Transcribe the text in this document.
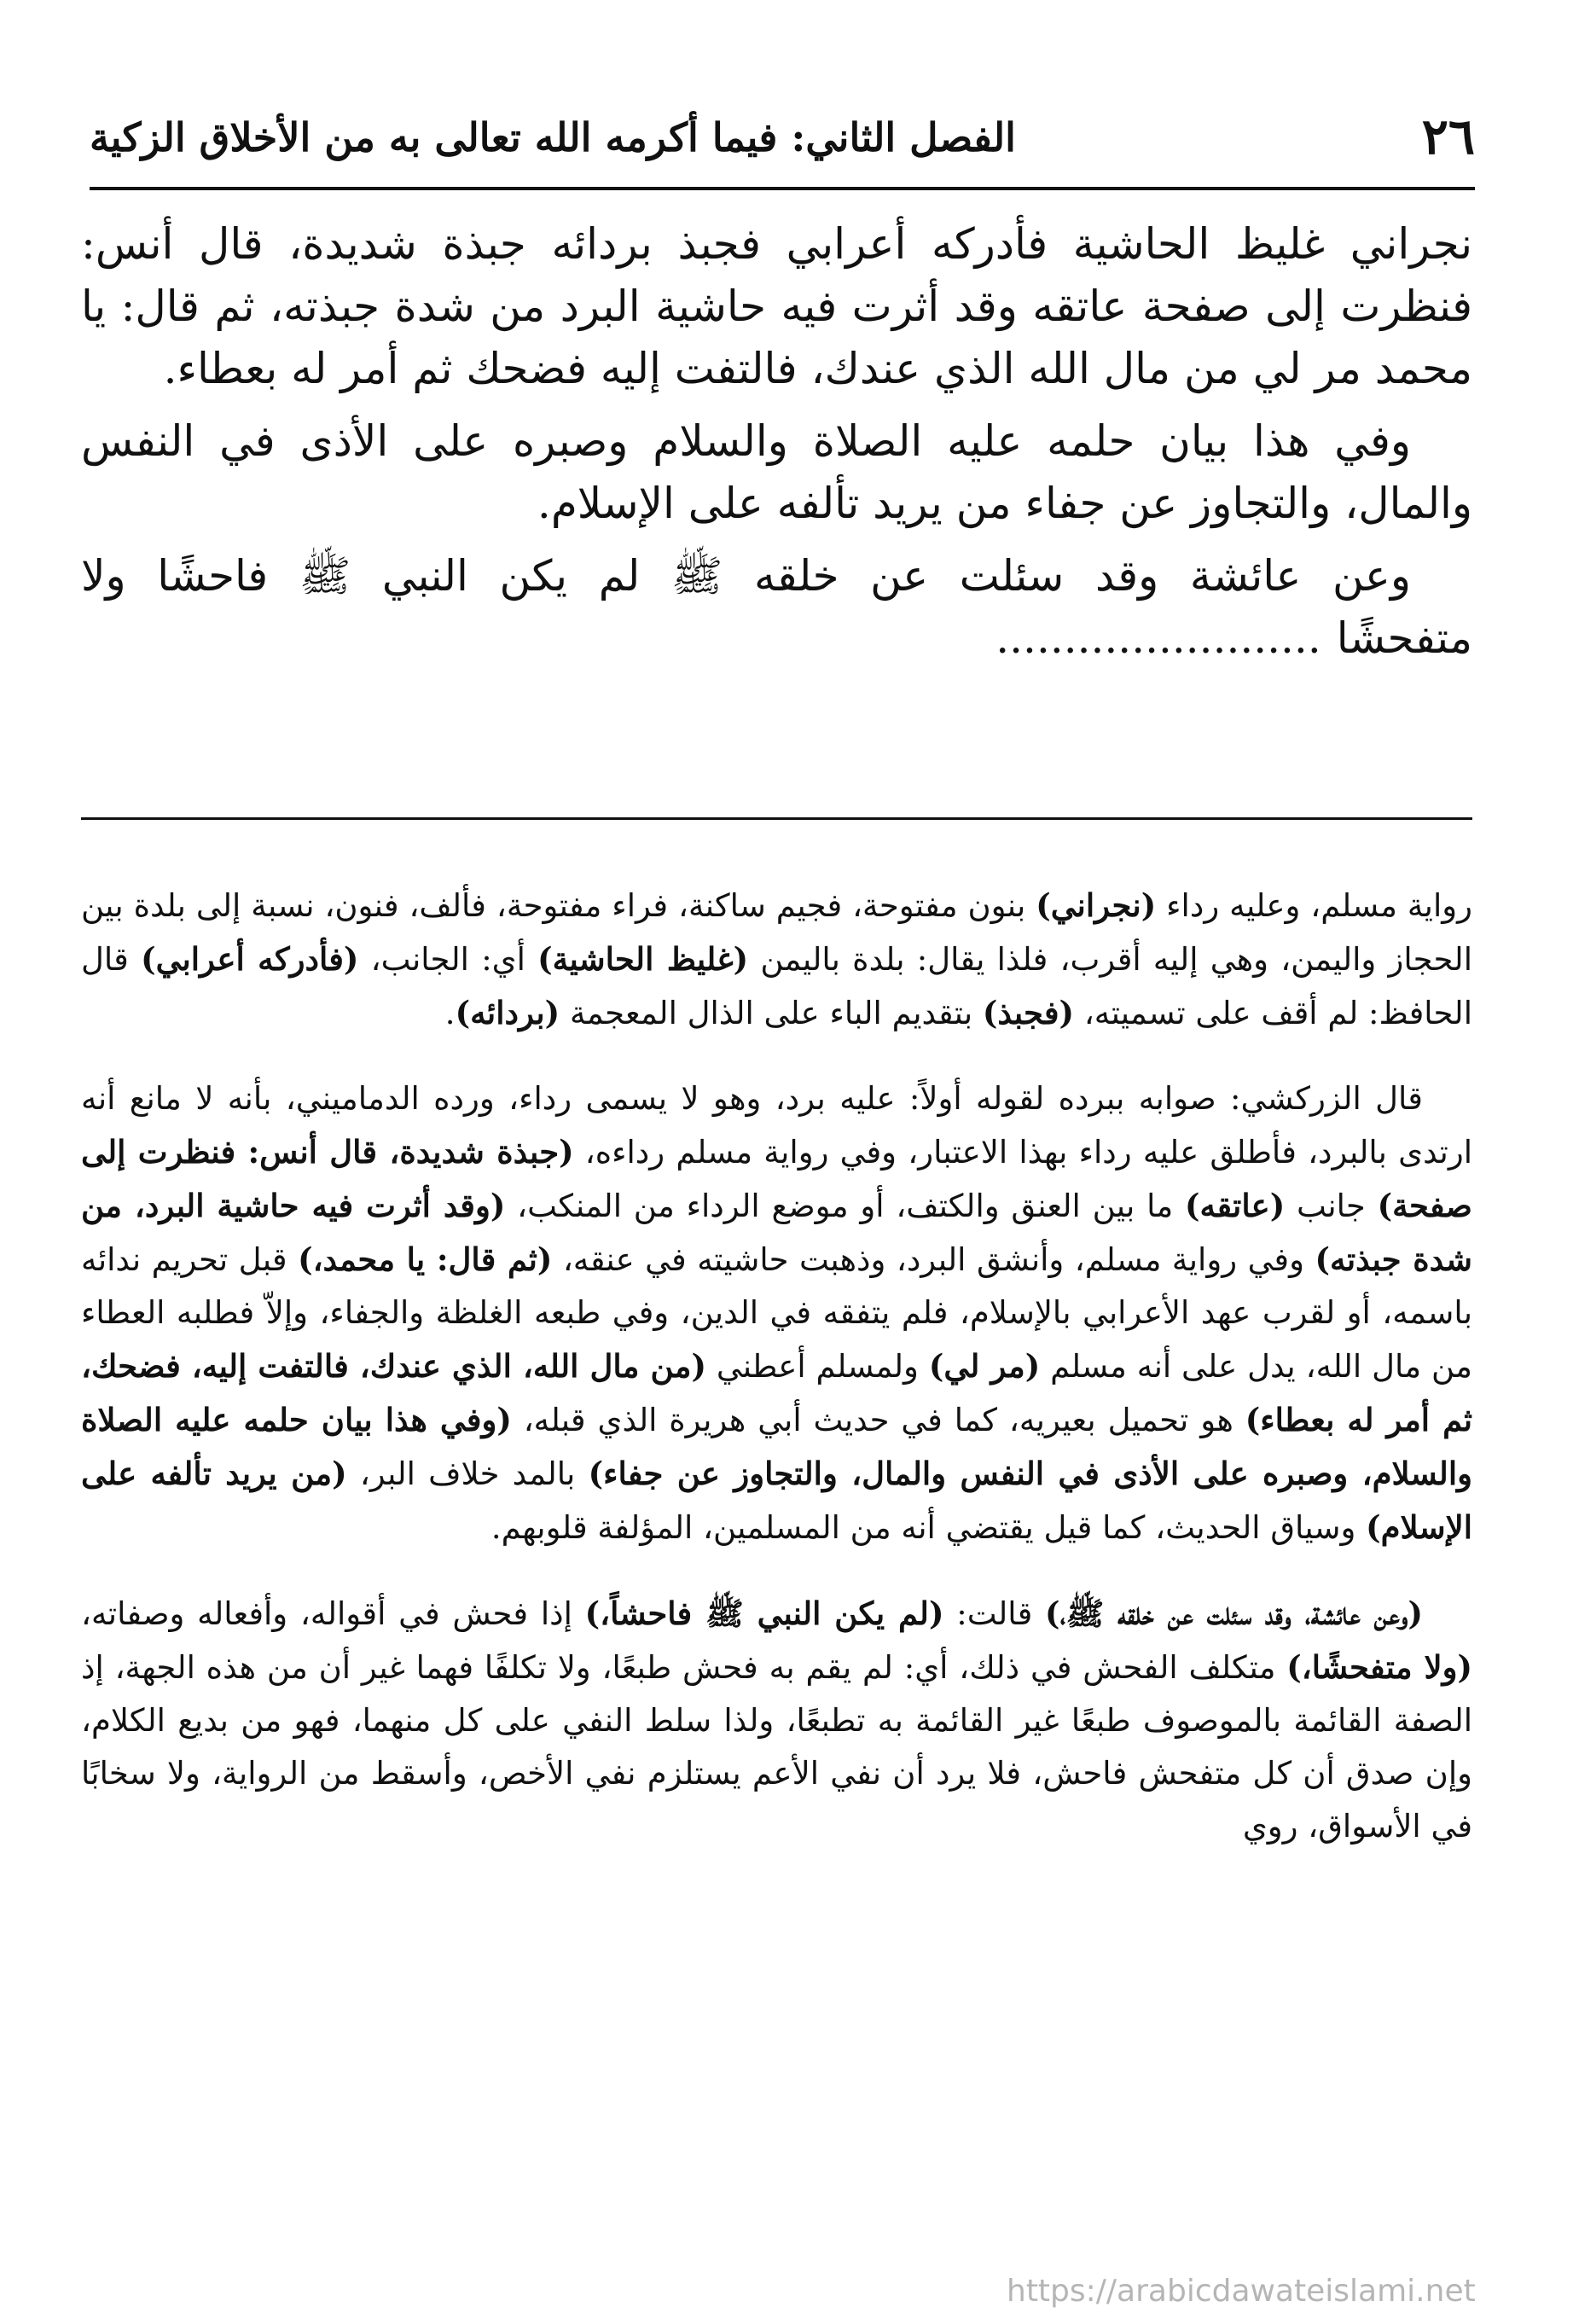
٢٦
الفصل الثاني: فيما أكرمه الله تعالى به من الأخلاق الزكية

نجراني غليظ الحاشية فأدركه أعرابي فجبذ بردائه جبذة شديدة، قال أنس: فنظرت إلى صفحة عاتقه وقد أثرت فيه حاشية البرد من شدة جبذته، ثم قال: يا محمد مر لي من مال الله الذي عندك، فالتفت إليه فضحك ثم أمر له بعطاء.

وفي هذا بيان حلمه عليه الصلاة والسلام وصبره على الأذى في النفس والمال، والتجاوز عن جفاء من يريد تألفه على الإسلام.

وعن عائشة وقد سئلت عن خلقه ﷺ لم يكن النبي ﷺ فاحشًا ولا متفحشًا........................

رواية مسلم، وعليه رداء (نجراني) بنون مفتوحة، فجيم ساكنة، فراء مفتوحة، فألف، فنون، نسبة إلى بلدة بين الحجاز واليمن، وهي إليه أقرب، فلذا يقال: بلدة باليمن (غليظ الحاشية) أي: الجانب، (فأدركه أعرابي) قال الحافظ: لم أقف على تسميته، (فجبذ) بتقديم الباء على الذال المعجمة (بردائه).

قال الزركشي: صوابه ببرده لقوله أولاً: عليه برد، وهو لا يسمى رداء، ورده الدماميني، بأنه لا مانع أنه ارتدى بالبرد، فأطلق عليه رداء بهذا الاعتبار، وفي رواية مسلم رداءه، (جبذة شديدة، قال أنس: فنظرت إلى صفحة) جانب (عاتقه) ما بين العنق والكتف، أو موضع الرداء من المنكب، (وقد أثرت فيه حاشية البرد، من شدة جبذته) وفي رواية مسلم، وأنشق البرد، وذهبت حاشيته في عنقه، (ثم قال: يا محمد،) قبل تحريم ندائه باسمه، أو لقرب عهد الأعرابي بالإسلام، فلم يتفقه في الدين، وفي طبعه الغلظة والجفاء، وإلاّ فطلبه العطاء من مال الله، يدل على أنه مسلم (مر لي) ولمسلم أعطني (من مال الله، الذي عندك، فالتفت إليه، فضحك، ثم أمر له بعطاء) هو تحميل بعيريه، كما في حديث أبي هريرة الذي قبله، (وفي هذا بيان حلمه عليه الصلاة والسلام، وصبره على الأذى في النفس والمال، والتجاوز عن جفاء) بالمد خلاف البر، (من يريد تألفه على الإسلام) وسياق الحديث، كما قيل يقتضي أنه من المسلمين، المؤلفة قلوبهم.

(وعن عائشة، وقد سئلت عن خلقه ﷺ،) قالت: (لم يكن النبي ﷺ فاحشاً،) إذا فحش في أقواله، وأفعاله وصفاته، (ولا متفحشًا،) متكلف الفحش في ذلك، أي: لم يقم به فحش طبعًا، ولا تكلفًا فهما غير أن من هذه الجهة، إذ الصفة القائمة بالموصوف طبعًا غير القائمة به تطبعًا، ولذا سلط النفي على كل منهما، فهو من بديع الكلام، وإن صدق أن كل متفحش فاحش، فلا يرد أن نفي الأعم يستلزم نفي الأخص، وأسقط من الرواية، ولا سخابًا في الأسواق، روي

https://arabicdawateislami.net
